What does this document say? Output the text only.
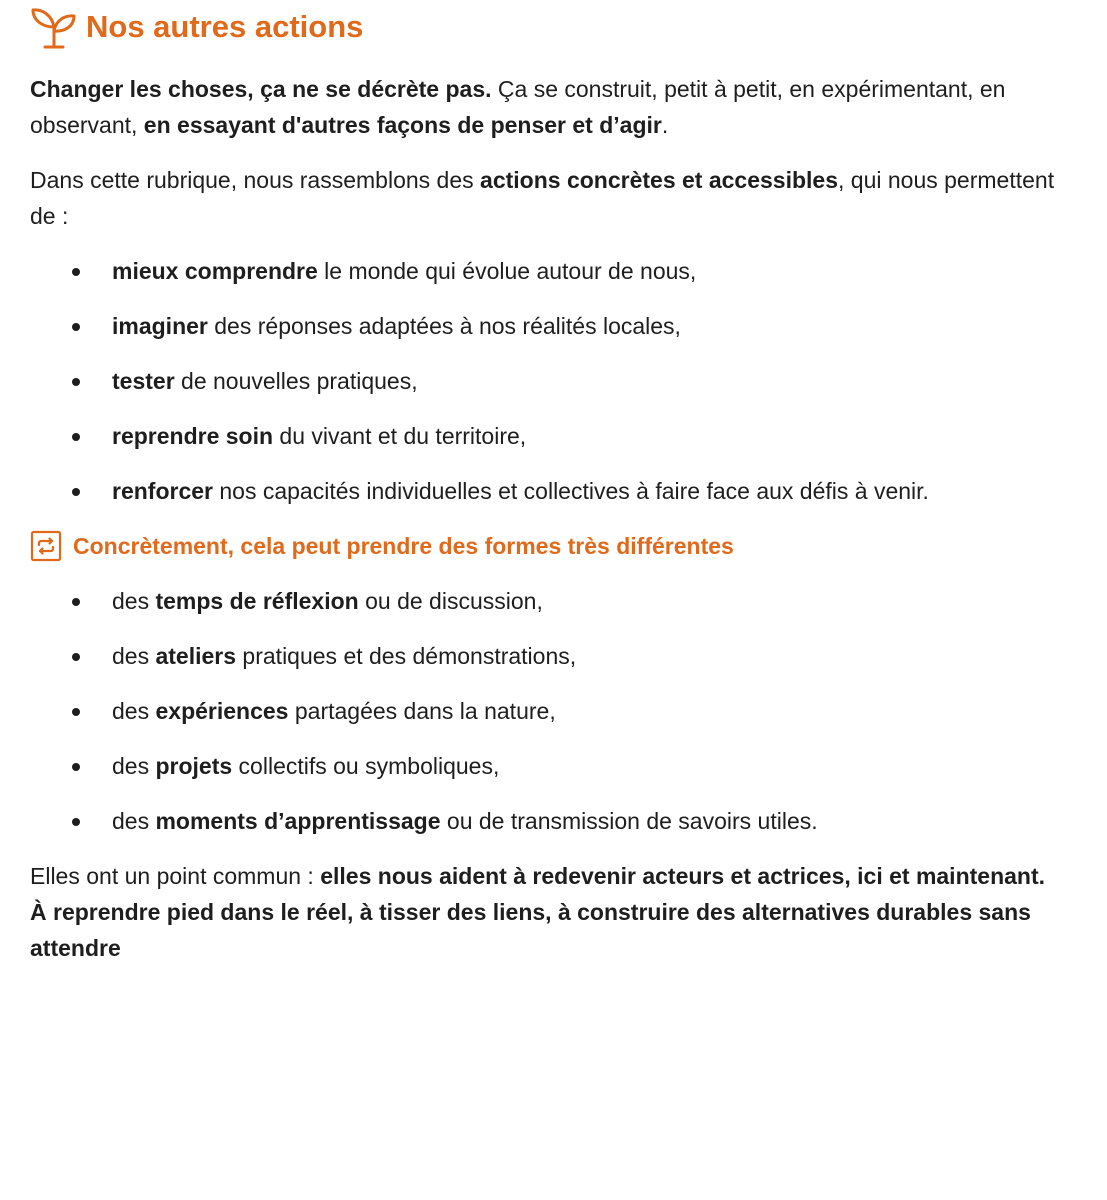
Nos autres actions

Changer les choses, ça ne se décrète pas. Ça se construit, petit à petit, en expérimentant, en observant, en essayant d'autres façons de penser et d’agir.

Dans cette rubrique, nous rassemblons des actions concrètes et accessibles, qui nous permettent de :

mieux comprendre le monde qui évolue autour de nous,
imaginer des réponses adaptées à nos réalités locales,
tester de nouvelles pratiques,
reprendre soin du vivant et du territoire,
renforcer nos capacités individuelles et collectives à faire face aux défis à venir.
Concrètement, cela peut prendre des formes très différentes
des temps de réflexion ou de discussion,
des ateliers pratiques et des démonstrations,
des expériences partagées dans la nature,
des projets collectifs ou symboliques,
des moments d’apprentissage ou de transmission de savoirs utiles.

Elles ont un point commun : elles nous aident à redevenir acteurs et actrices, ici et maintenant.
À reprendre pied dans le réel, à tisser des liens, à construire des alternatives durables sans attendre
